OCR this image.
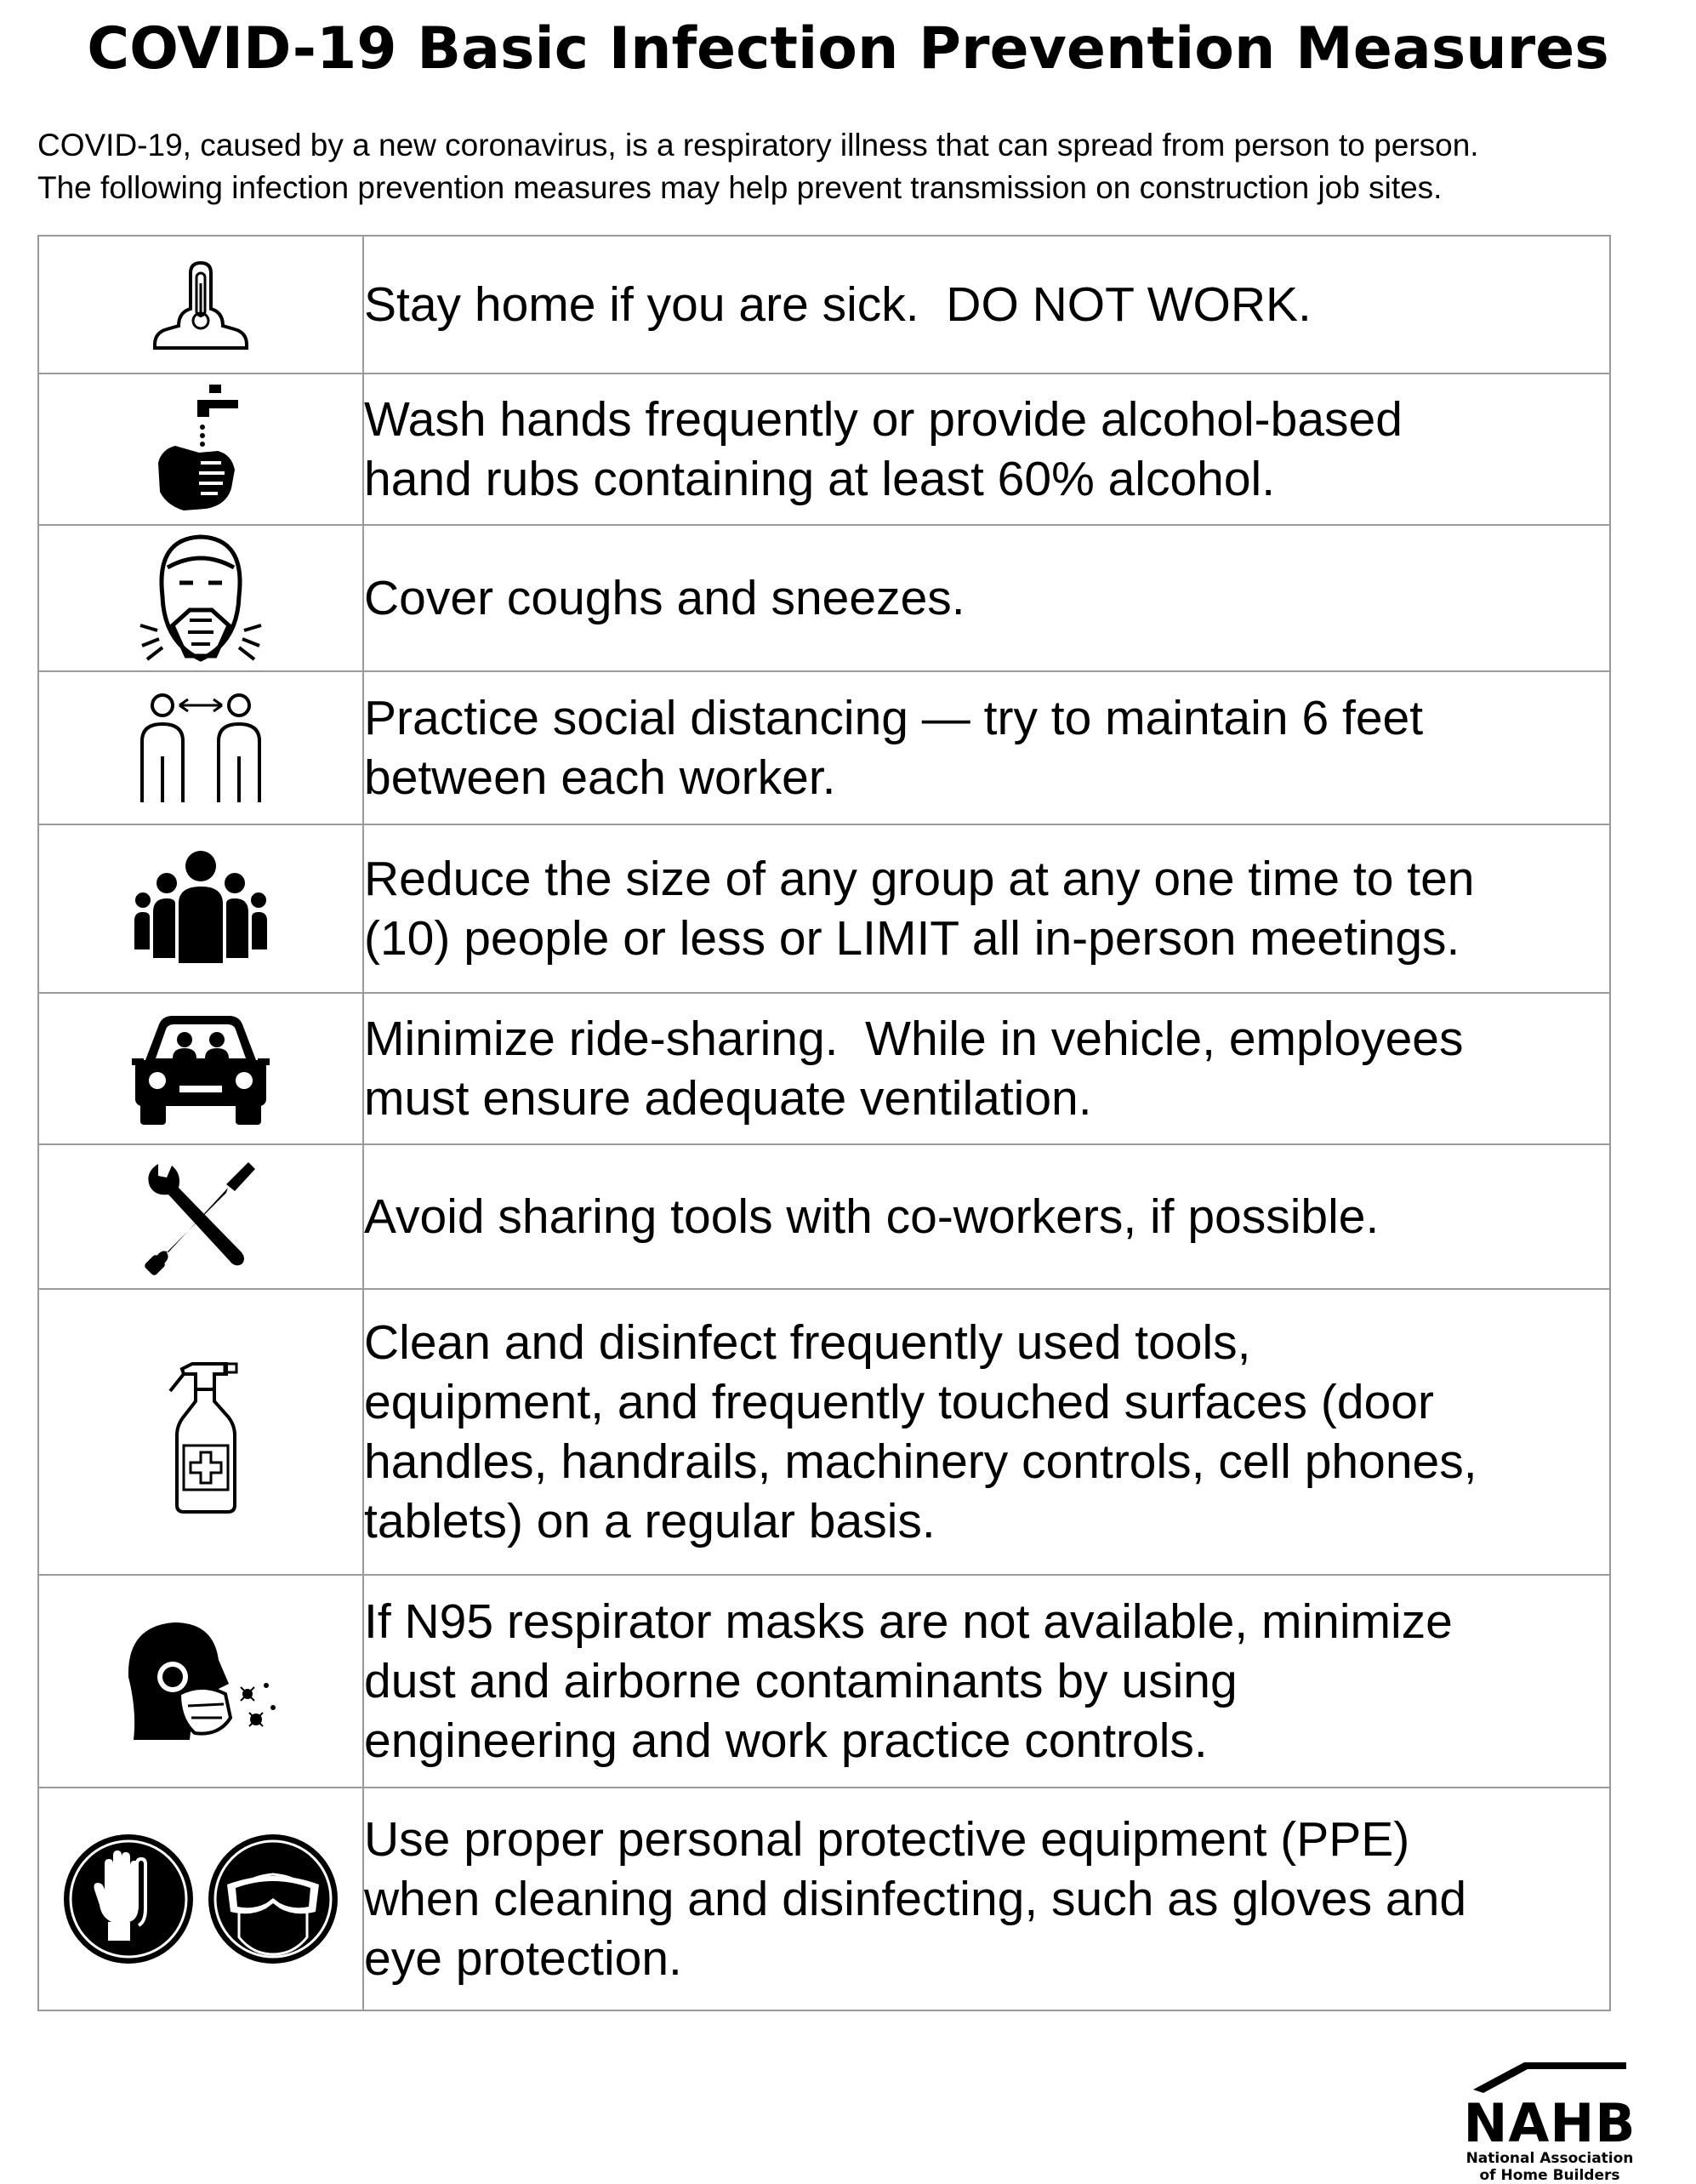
COVID-19 Basic Infection Prevention Measures
COVID-19, caused by a new coronavirus, is a respiratory illness that can spread from person to person.
The following infection prevention measures may help prevent transmission on construction job sites.

Stay home if you are sick.  DO NOT WORK.

Wash hands frequently or provide alcohol-based
hand rubs containing at least 60% alcohol.

Cover coughs and sneezes.

Practice social distancing — try to maintain 6 feet
between each worker.

Reduce the size of any group at any one time to ten
(10) people or less or LIMIT all in-person meetings.

Minimize ride-sharing.  While in vehicle, employees
must ensure adequate ventilation.

Avoid sharing tools with co-workers, if possible.

Clean and disinfect frequently used tools,
equipment, and frequently touched surfaces (door
handles, handrails, machinery controls, cell phones,
tablets) on a regular basis.

If N95 respirator masks are not available, minimize
dust and airborne contaminants by using
engineering and work practice controls.

Use proper personal protective equipment (PPE)
when cleaning and disinfecting, such as gloves and
eye protection.
NAHB
National Association
of Home Builders
